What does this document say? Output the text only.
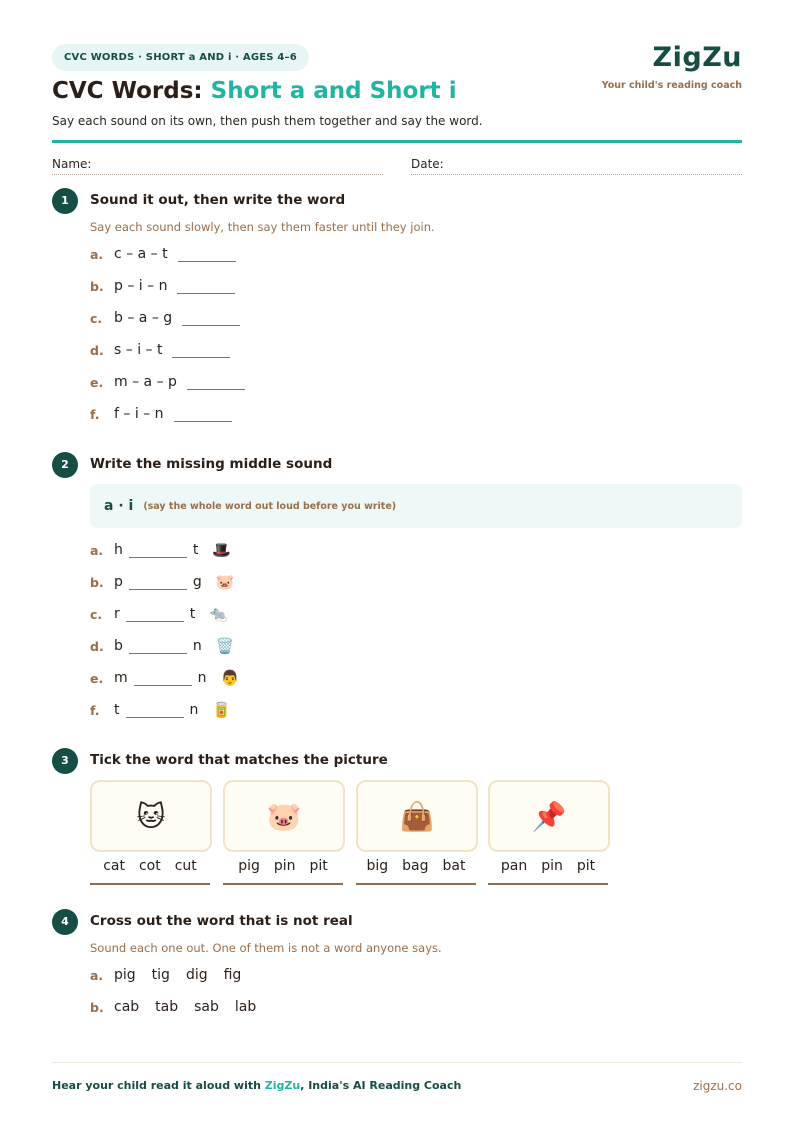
CVC WORDS · SHORT a AND i · AGES 4–6
CVC Words: Short a and Short i
Say each sound on its own, then push them together and say the word.
ZigZu
Your child's reading coach
Name:	Date:
1	Sound it out, then write the word
Say each sound slowly, then say them faster until they join.
a. c – a – t
b. p – i – n
c. b – a – g
d. s – i – t
e. m – a – p
f.	f – i – n
2	Write the missing middle sound
a · i (say the whole word out loud before you write)
a. h	t 🎩
b. p	g 🐷
c. r	t 🐀
d. b	n 🗑️
e. m	n 👨
f.	t	n 🥫
3	Tick the word that matches the picture
🐱	🐷	👜	📌
cat cot cut	pig pin pit	big bag bat	pan pin pit
4	Cross out the word that is not real
Sound each one out. One of them is not a word anyone says.
a. pig tig dig fig
b. cab tab sab lab
Hear your child read it aloud with ZigZu, India's AI Reading Coach	zigzu.co
